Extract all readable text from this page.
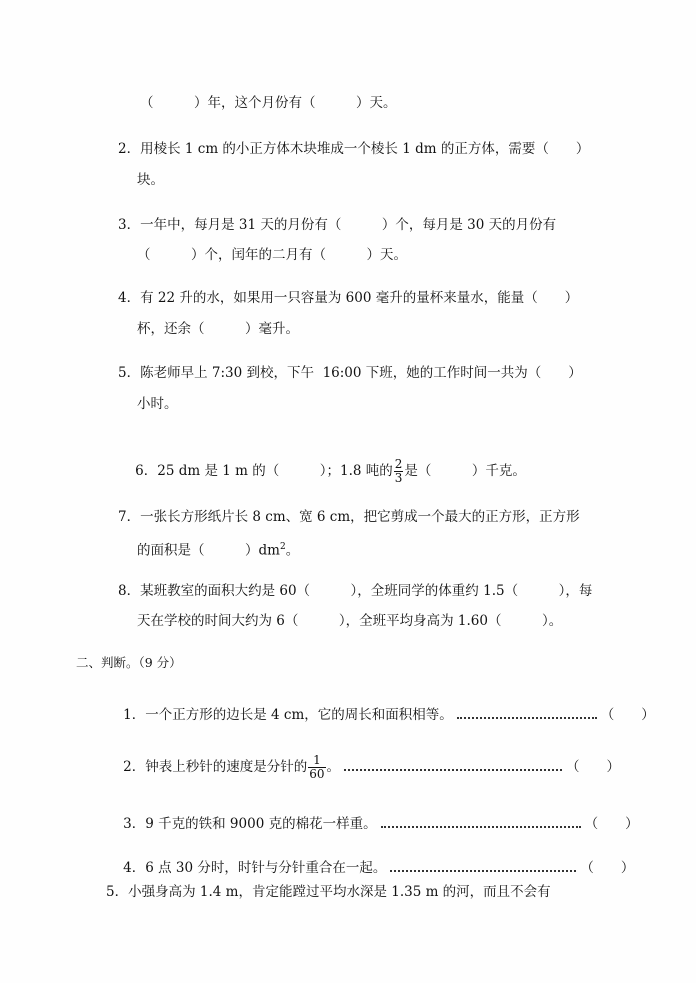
（　　　）年，这个月份有（　　　）天。
2．用棱长 1 cm 的小正方体木块堆成一个棱长 1 dm 的正方体，需要（　　）
块。
3．一年中，每月是 31 天的月份有（　　　）个，每月是 30 天的月份有
（　　　）个，闰年的二月有（　　　）天。
4．有 22 升的水，如果用一只容量为 600 毫升的量杯来量水，能量（　　）
杯，还余（　　　）毫升。
5．陈老师早上 7:30 到校，下午  16:00 下班，她的工作时间一共为（　　）
小时。

6．25 dm 是 1 m 的（　　　）；1.8 吨的 $\frac{2}{3}$ 是（　　　）千克。

7．一张长方形纸片长 8 cm、宽 6 cm，把它剪成一个最大的正方形，正方形
的面积是（　　　）$dm^2$。
8．某班教室的面积大约是 60（　　　），全班同学的体重约 1.5（　　　），每
天在学校的时间大约为 6（　　　），全班平均身高为 1.60（　　　）。
二、判断。（9 分）

1．一个正方形的边长是 4 cm，它的周长和面积相等。	（　　）

2．钟表上秒针的速度是分针的 $\frac{1}{60}$ 。	（　　）

3．9 千克的铁和 9000 克的棉花一样重。	（　　）

4．6 点 30 分时，时针与分针重合在一起。	（　　）

5．小强身高为 1.4 m，肯定能蹚过平均水深是 1.35 m 的河，而且不会有
